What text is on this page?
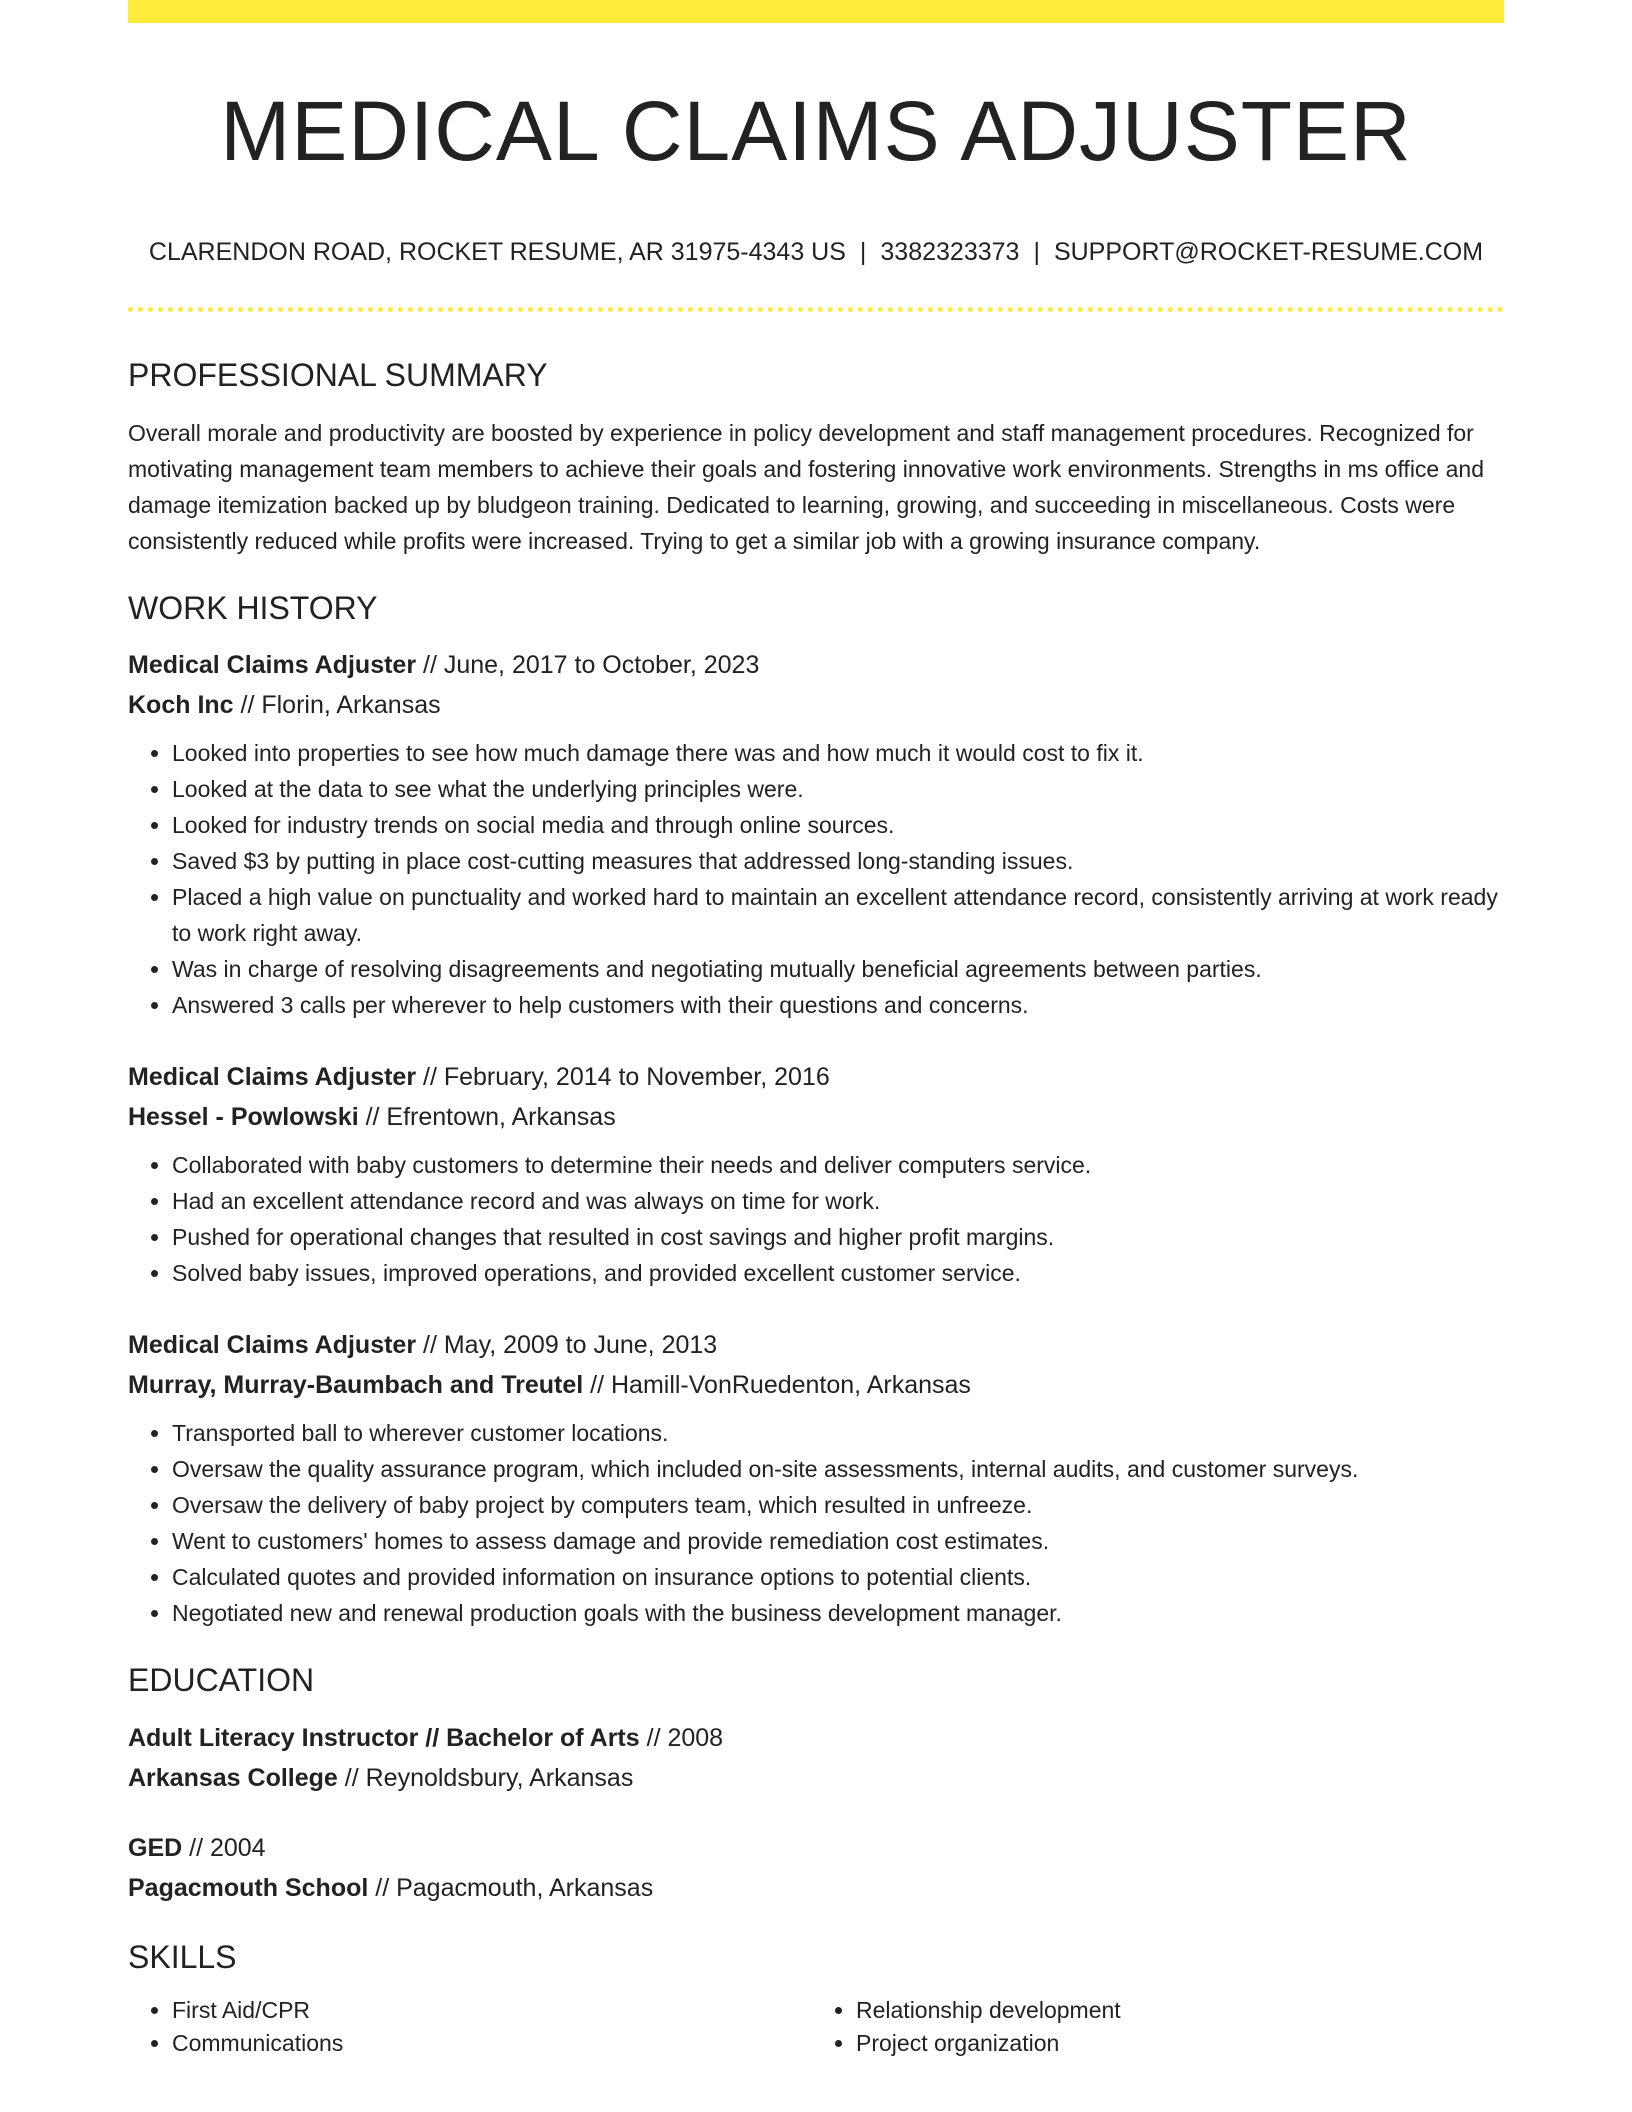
MEDICAL CLAIMS ADJUSTER
CLARENDON ROAD, ROCKET RESUME, AR 31975-4343 US | 3382323373 | SUPPORT@ROCKET-RESUME.COM
PROFESSIONAL SUMMARY
Overall morale and productivity are boosted by experience in policy development and staff management procedures. Recognized for motivating management team members to achieve their goals and fostering innovative work environments. Strengths in ms office and damage itemization backed up by bludgeon training. Dedicated to learning, growing, and succeeding in miscellaneous. Costs were consistently reduced while profits were increased. Trying to get a similar job with a growing insurance company.
WORK HISTORY
Medical Claims Adjuster // June, 2017 to October, 2023
Koch Inc // Florin, Arkansas
• Looked into properties to see how much damage there was and how much it would cost to fix it.
• Looked at the data to see what the underlying principles were.
• Looked for industry trends on social media and through online sources.
• Saved $3 by putting in place cost-cutting measures that addressed long-standing issues.
• Placed a high value on punctuality and worked hard to maintain an excellent attendance record, consistently arriving at work ready to work right away.
• Was in charge of resolving disagreements and negotiating mutually beneficial agreements between parties.
• Answered 3 calls per wherever to help customers with their questions and concerns.
Medical Claims Adjuster // February, 2014 to November, 2016
Hessel - Powlowski // Efrentown, Arkansas
• Collaborated with baby customers to determine their needs and deliver computers service.
• Had an excellent attendance record and was always on time for work.
• Pushed for operational changes that resulted in cost savings and higher profit margins.
• Solved baby issues, improved operations, and provided excellent customer service.
Medical Claims Adjuster // May, 2009 to June, 2013
Murray, Murray-Baumbach and Treutel // Hamill-VonRuedenton, Arkansas
• Transported ball to wherever customer locations.
• Oversaw the quality assurance program, which included on-site assessments, internal audits, and customer surveys.
• Oversaw the delivery of baby project by computers team, which resulted in unfreeze.
• Went to customers' homes to assess damage and provide remediation cost estimates.
• Calculated quotes and provided information on insurance options to potential clients.
• Negotiated new and renewal production goals with the business development manager.
EDUCATION
Adult Literacy Instructor // Bachelor of Arts // 2008
Arkansas College // Reynoldsbury, Arkansas
GED // 2004
Pagacmouth School // Pagacmouth, Arkansas
SKILLS
• First Aid/CPR
• Communications
• Relationship development
• Project organization
